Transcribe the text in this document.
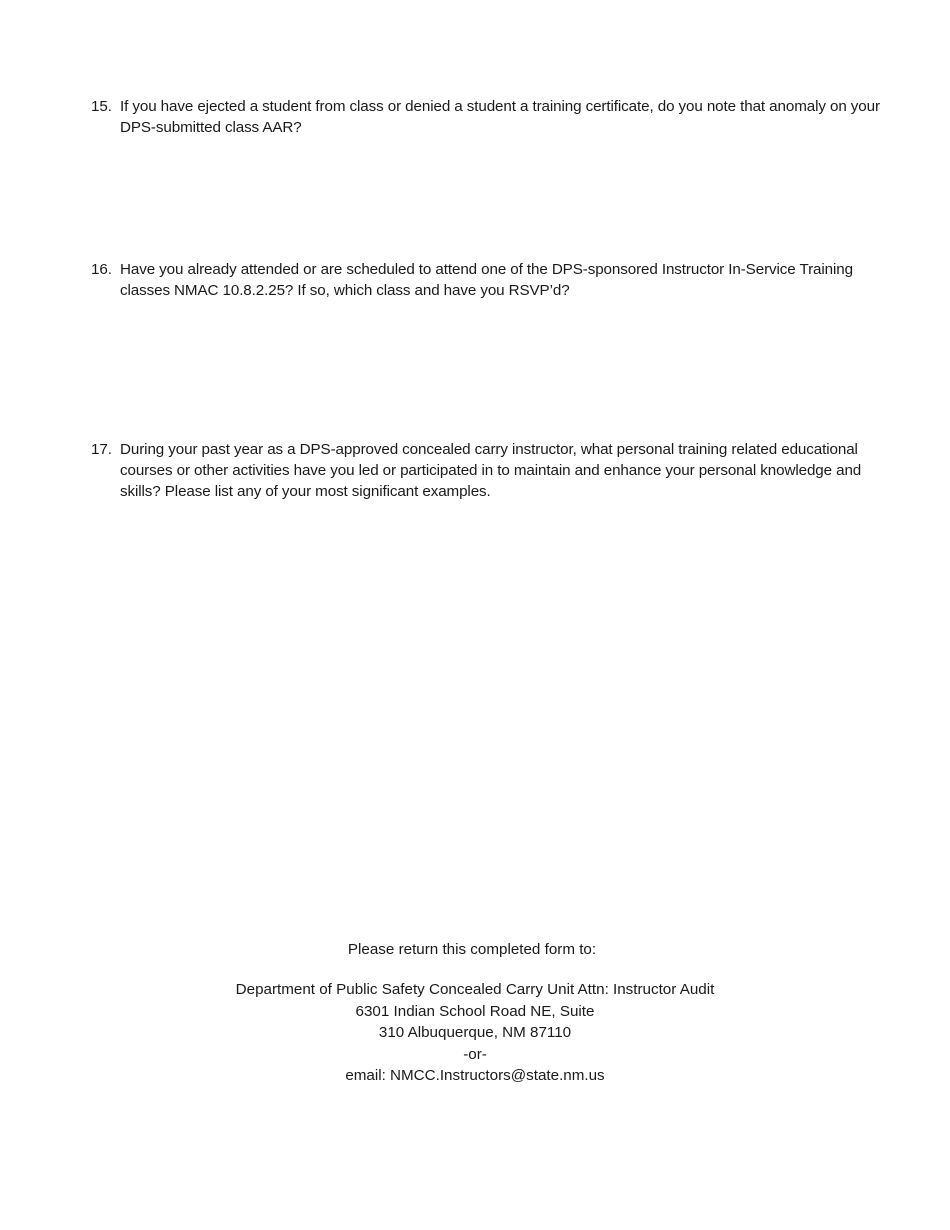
15. If you have ejected a student from class or denied a student a training certificate, do you note that anomaly on your DPS-submitted class AAR?
16. Have you already attended or are scheduled to attend one of the DPS-sponsored Instructor In-Service Training classes NMAC 10.8.2.25? If so, which class and have you RSVP’d?
17. During your past year as a DPS-approved concealed carry instructor, what personal training related educational courses or other activities have you led or participated in to maintain and enhance your personal knowledge and skills? Please list any of your most significant examples.
Please return this completed form to:
Department of Public Safety Concealed Carry Unit Attn: Instructor Audit
6301 Indian School Road NE, Suite
310 Albuquerque, NM 87110
-or-
email: NMCC.Instructors@state.nm.us
